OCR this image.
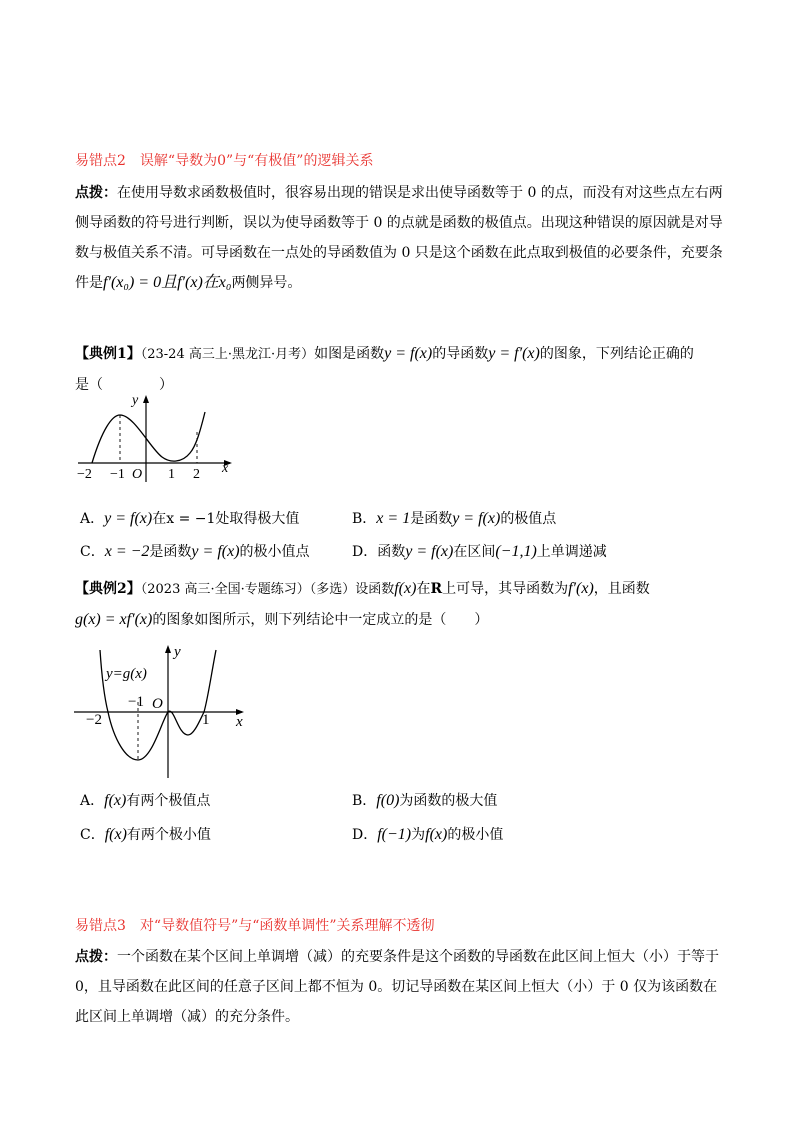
易错点2　误解“导数为0”与“有极值”的逻辑关系
点拨：在使用导数求函数极值时，很容易出现的错误是求出使导函数等于 0 的点，而没有对这些点左右两侧导函数的符号进行判断，误以为使导函数等于 0 的点就是函数的极值点。出现这种错误的原因就是对导数与极值关系不清。可导函数在一点处的导函数值为 0 只是这个函数在此点取到极值的必要条件，充要条件是f′(x₀) = 0且f′(x)在x₀两侧异号。
【典例1】（23-24 高三上·黑龙江·月考）如图是函数y = f(x)的导函数y = f′(x)的图象，下列结论正确的
是（　　　　）
y
x
O
−2 −1	1 2
A．y = f(x)在x = −1处取得极大值	B．x = 1是函数y = f(x)的极值点
C．x = −2是函数y = f(x)的极小值点	D．函数y = f(x)在区间(−1,1)上单调递减
【典例2】（2023 高三·全国·专题练习）（多选）设函数f(x)在R上可导，其导函数为f′(x)，且函数
g(x) = xf′(x)的图象如图所示，则下列结论中一定成立的是（　　）
y=g(x)
y
x
O
−2
−1
1
A．f(x)有两个极值点	B．f(0)为函数的极大值
C．f(x)有两个极小值	D．f(−1)为f(x)的极小值
易错点3　对“导数值符号”与“函数单调性”关系理解不透彻
点拨：一个函数在某个区间上单调增（减）的充要条件是这个函数的导函数在此区间上恒大（小）于等于 0，且导函数在此区间的任意子区间上都不恒为 0。切记导函数在某区间上恒大（小）于 0 仅为该函数在此区间上单调增（减）的充分条件。
